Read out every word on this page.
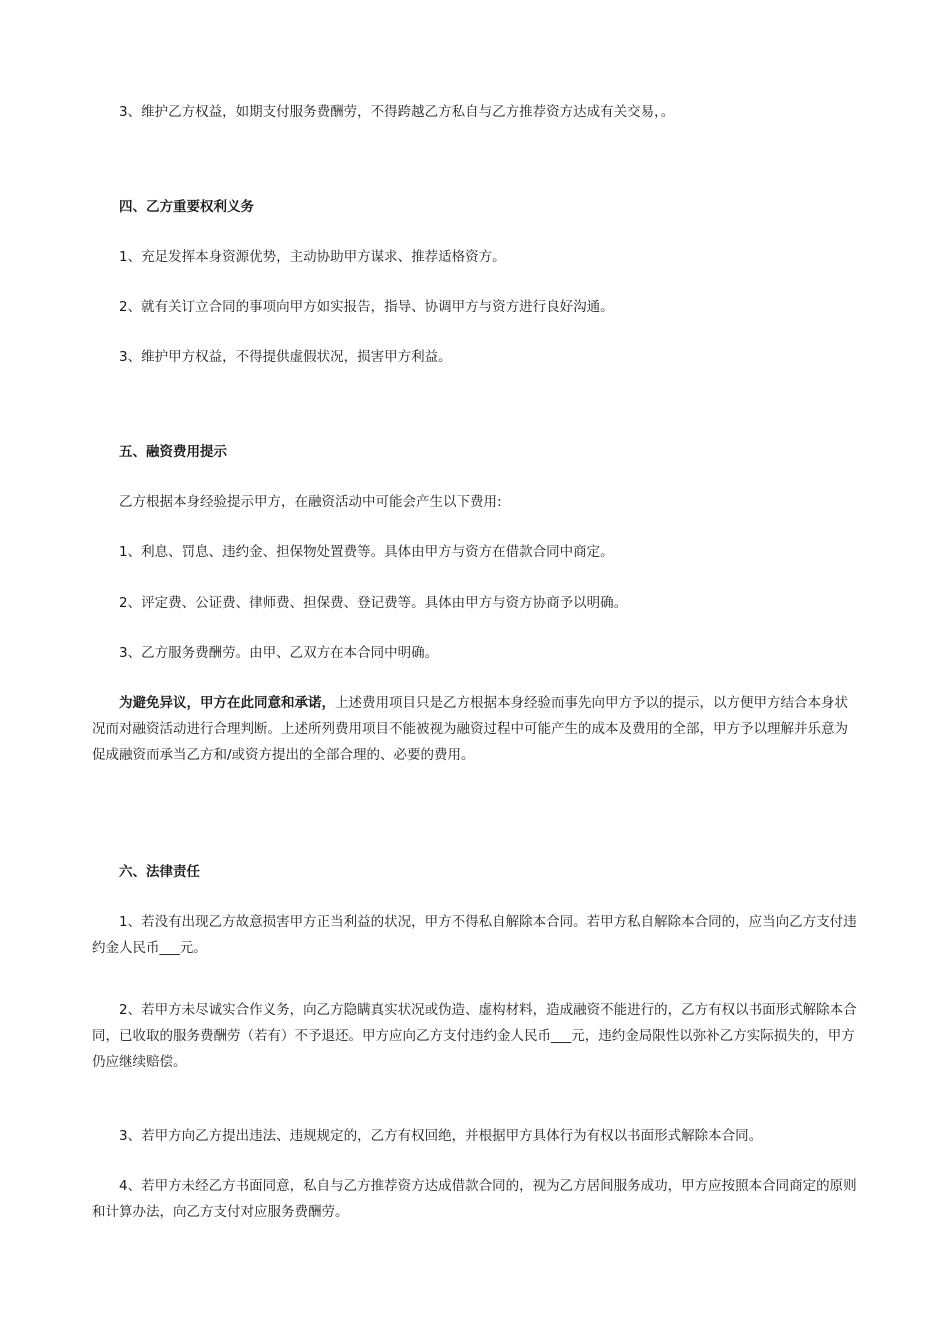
3、维护乙方权益，如期支付服务费酬劳，不得跨越乙方私自与乙方推荐资方达成有关交易，。

四、乙方重要权利义务

1、充足发挥本身资源优势，主动协助甲方谋求、推荐适格资方。

2、就有关订立合同的事项向甲方如实报告，指导、协调甲方与资方进行良好沟通。

3、维护甲方权益，不得提供虚假状况，损害甲方利益。

五、融资费用提示

乙方根据本身经验提示甲方，在融资活动中可能会产生以下费用:

1、利息、罚息、违约金、担保物处置费等。具体由甲方与资方在借款合同中商定。

2、评定费、公证费、律师费、担保费、登记费等。具体由甲方与资方协商予以明确。

3、乙方服务费酬劳。由甲、乙双方在本合同中明确。

为避免异议，甲方在此同意和承诺，上述费用项目只是乙方根据本身经验而事先向甲方予以的提示，以方便甲方结合本身状况而对融资活动进行合理判断。上述所列费用项目不能被视为融资过程中可能产生的成本及费用的全部，甲方予以理解并乐意为促成融资而承当乙方和/或资方提出的全部合理的、必要的费用。

六、法律责任

1、若没有出现乙方故意损害甲方正当利益的状况，甲方不得私自解除本合同。若甲方私自解除本合同的，应当向乙方支付违约金人民币___元。

2、若甲方未尽诚实合作义务，向乙方隐瞒真实状况或伪造、虚构材料，造成融资不能进行的，乙方有权以书面形式解除本合同，已收取的服务费酬劳（若有）不予退还。甲方应向乙方支付违约金人民币___元，违约金局限性以弥补乙方实际损失的，甲方仍应继续赔偿。

3、若甲方向乙方提出违法、违规规定的，乙方有权回绝，并根据甲方具体行为有权以书面形式解除本合同。

4、若甲方未经乙方书面同意，私自与乙方推荐资方达成借款合同的，视为乙方居间服务成功，甲方应按照本合同商定的原则和计算办法，向乙方支付对应服务费酬劳。
